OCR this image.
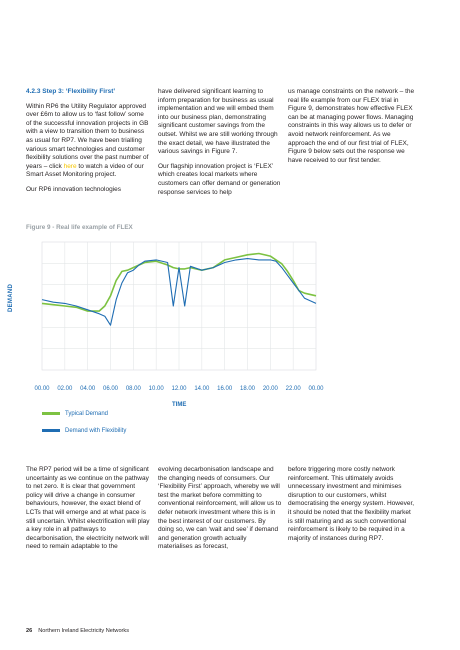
4.2.3 Step 3: ‘Flexibility First’

Within RP6 the Utility Regulator approved over £6m to allow us to ‘fast follow’ some of the successful innovation projects in GB with a view to transition them to business as usual for RP7. We have been trialling various smart technologies and customer flexibility solutions over the past number of years – click here to watch a video of our Smart Asset Monitoring project.

Our RP6 innovation technologies

have delivered significant learning to inform preparation for business as usual implementation and we will embed them into our business plan, demonstrating significant customer savings from the outset. Whilst we are still working through the exact detail, we have illustrated the various savings in Figure 7.

Our flagship innovation project is ‘FLEX’ which creates local markets where customers can offer demand or generation response services to help

us manage constraints on the network – the real life example from our FLEX trial in Figure 9, demonstrates how effective FLEX can be at managing power flows. Managing constraints in this way allows us to defer or avoid network reinforcement. As we approach the end of our first trial of FLEX, Figure 9 below sets out the response we have received to our first tender.

Figure 9 - Real life example of FLEX
00.00 02.00 04.00 06.00 08.00 10.00 12.00 14.00 16.00 18.00 20.00 22.00 00.00
DEMAND
TIME
Typical Demand
Demand with Flexibility

The RP7 period will be a time of significant uncertainty as we continue on the pathway to net zero. It is clear that government policy will drive a change in consumer behaviours, however, the exact blend of LCTs that will emerge and at what pace is still uncertain. Whilst electrification will play a key role in all pathways to decarbonisation, the electricity network will need to remain adaptable to the

evolving decarbonisation landscape and the changing needs of consumers. Our ‘Flexibility First’ approach, whereby we will test the market before committing to conventional reinforcement, will allow us to defer network investment where this is in the best interest of our customers. By doing so, we can ‘wait and see’ if demand and generation growth actually materialises as forecast,

before triggering more costly network reinforcement. This ultimately avoids unnecessary investment and minimises disruption to our customers, whilst democratising the energy system. However, it should be noted that the flexibility market is still maturing and as such conventional reinforcement is likely to be required in a majority of instances during RP7.

26 Northern Ireland Electricity Networks
